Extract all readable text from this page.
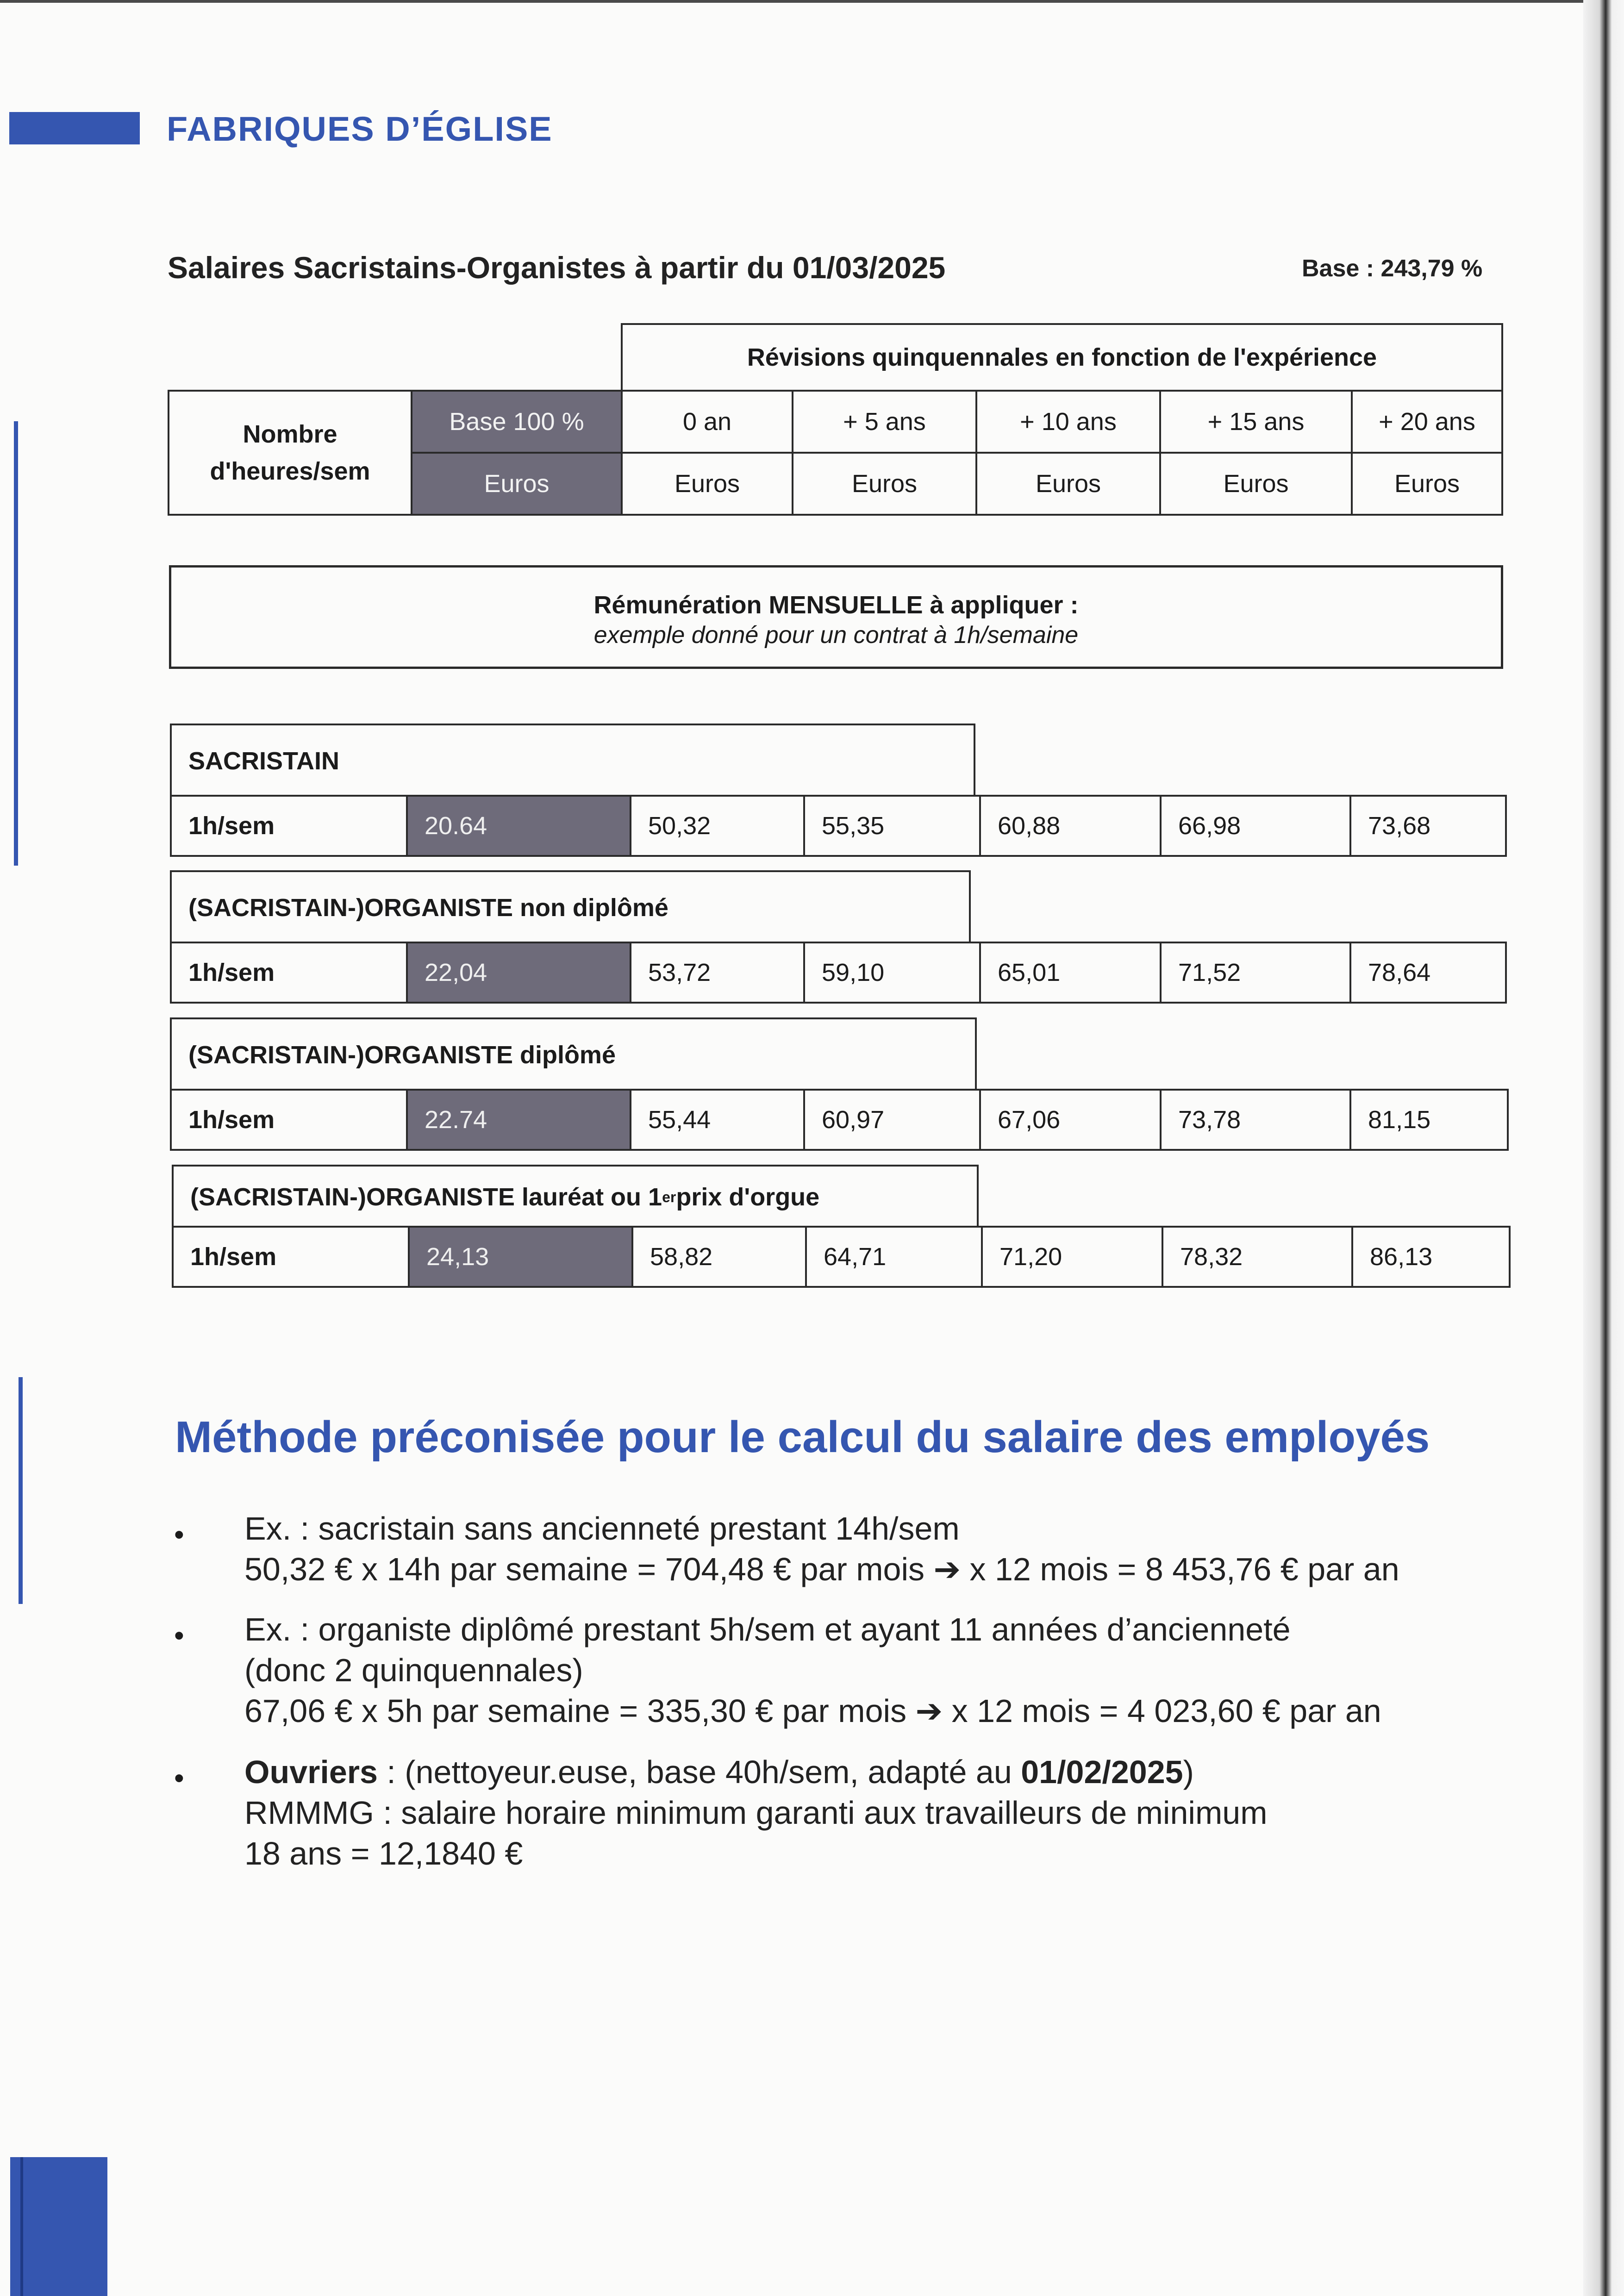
FABRIQUES D’ÉGLISE
Salaires Sacristains-Organistes à partir du 01/03/2025	Base : 243,79 %
		Révisions quinquennales en fonction de l'expérience				
Nombre
d'heures/sem	Base 100 %	0 an	+ 5 ans	+ 10 ans	+ 15 ans	+ 20 ans
	Euros	Euros	Euros	Euros	Euros	Euros
Rémunération MENSUELLE à appliquer :
exemple donné pour un contrat à 1h/semaine
SACRISTAIN
1h/sem	20.64	50,32	55,35	60,88	66,98	73,68
(SACRISTAIN-)ORGANISTE non diplômé
1h/sem	22,04	53,72	59,10	65,01	71,52	78,64
(SACRISTAIN-)ORGANISTE diplômé
1h/sem	22.74	55,44	60,97	67,06	73,78	81,15
(SACRISTAIN-)ORGANISTE lauréat ou 1 er prix d'orgue
1h/sem	24,13	58,82	64,71	71,20	78,32	86,13
Méthode préconisée pour le calcul du salaire des employés
• Ex. : sacristain sans ancienneté prestant 14h/sem
50,32 € x 14h par semaine = 704,48 € par mois ➔ x 12 mois = 8 453,76 € par an
• Ex. : organiste diplômé prestant 5h/sem et ayant 11 années d’ancienneté
(donc 2 quinquennales)
67,06 € x 5h par semaine = 335,30 € par mois ➔ x 12 mois = 4 023,60 € par an
• Ouvriers : (nettoyeur.euse, base 40h/sem, adapté au 01/02/2025)
RMMMG : salaire horaire minimum garanti aux travailleurs de minimum
18 ans = 12,1840 €
